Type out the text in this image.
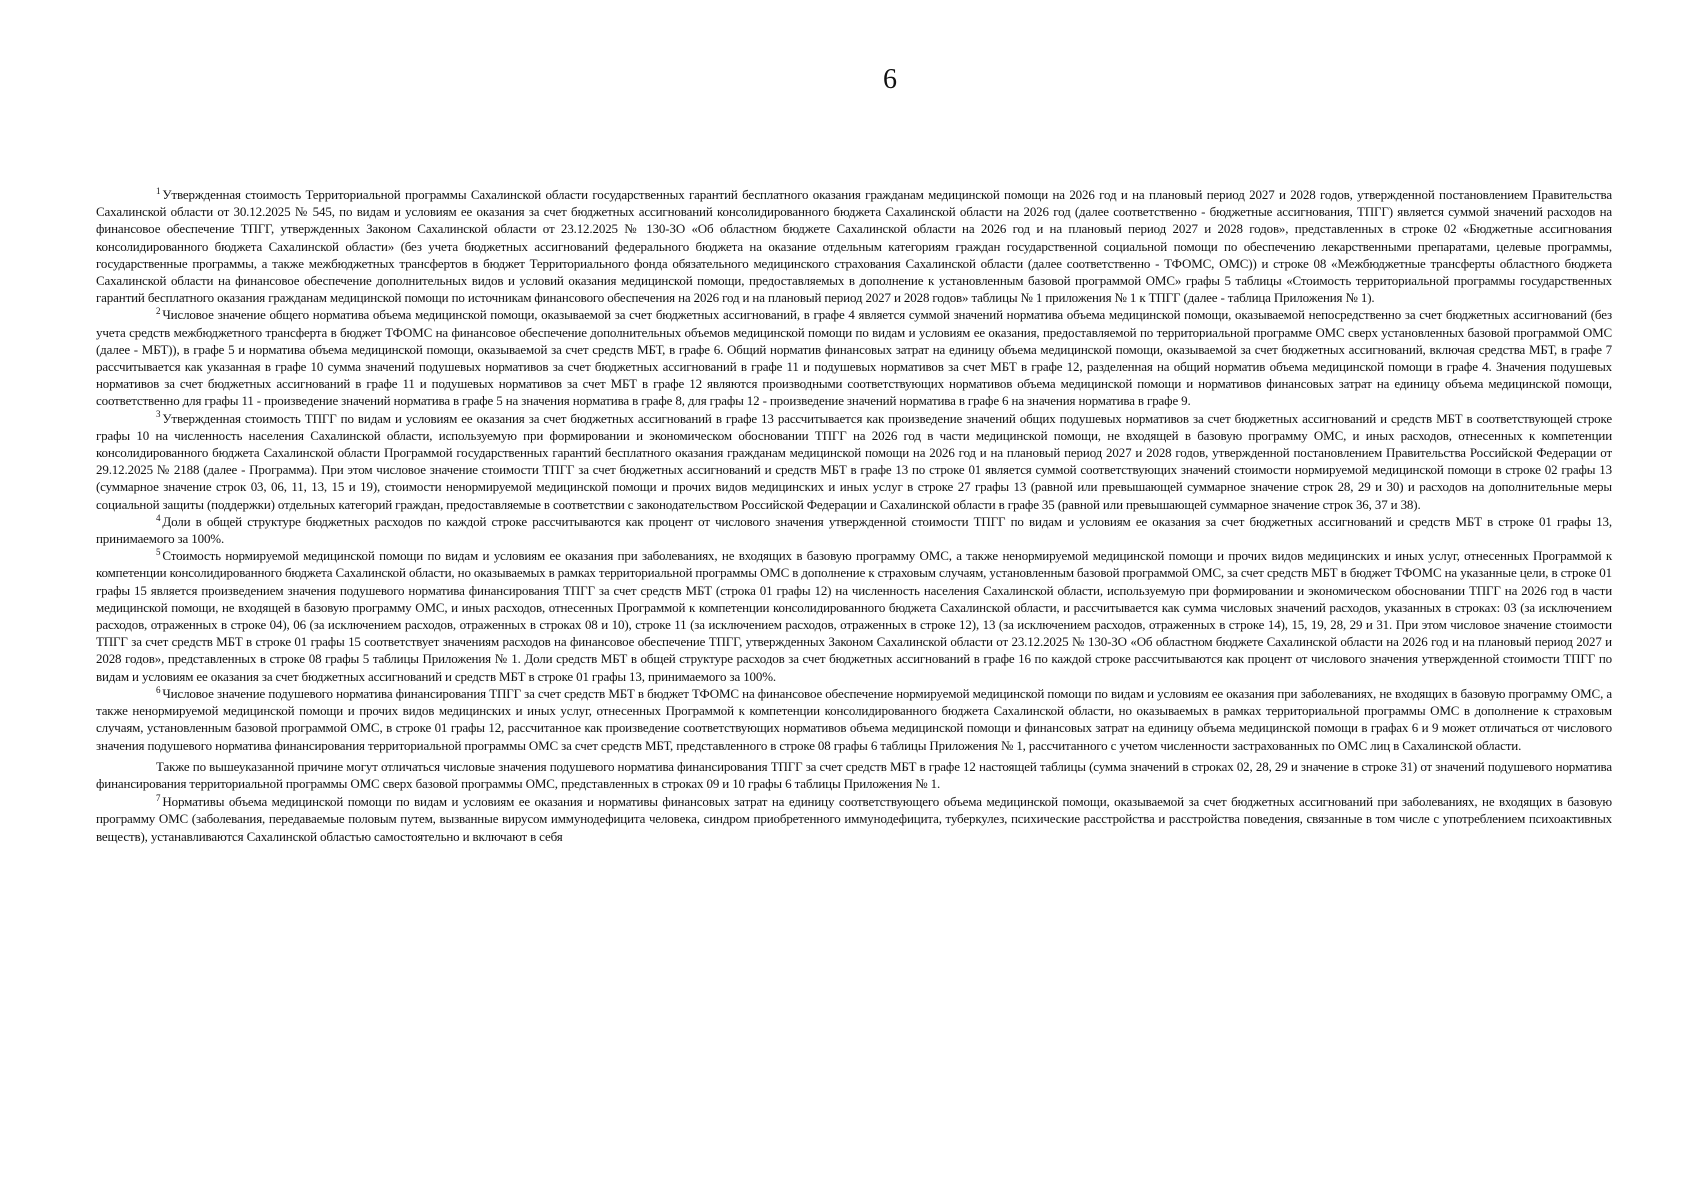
6

$^1$ Утвержденная стоимость Территориальной программы Сахалинской области государственных гарантий бесплатного оказания гражданам медицинской помощи на 2026 год и на плановый период 2027 и 2028 годов, утвержденной постановлением Правительства Сахалинской области от 30.12.2025 № 545, по видам и условиям ее оказания за счет бюджетных ассигнований консолидированного бюджета Сахалинской области на 2026 год (далее соответственно - бюджетные ассигнования, ТПГГ) является суммой значений расходов на финансовое обеспечение ТПГГ, утвержденных Законом Сахалинской области от 23.12.2025 № 130-ЗО «Об областном бюджете Сахалинской области на 2026 год и на плановый период 2027 и 2028 годов», представленных в строке 02 «Бюджетные ассигнования консолидированного бюджета Сахалинской области» (без учета бюджетных ассигнований федерального бюджета на оказание отдельным категориям граждан государственной социальной помощи по обеспечению лекарственными препаратами, целевые программы, государственные программы, а также межбюджетных трансфертов в бюджет Территориального фонда обязательного медицинского страхования Сахалинской области (далее соответственно - ТФОМС, ОМС)) и строке 08 «Межбюджетные трансферты областного бюджета Сахалинской области на финансовое обеспечение дополнительных видов и условий оказания медицинской помощи, предоставляемых в дополнение к установленным базовой программой ОМС» графы 5 таблицы «Стоимость территориальной программы государственных гарантий бесплатного оказания гражданам медицинской помощи по источникам финансового обеспечения на 2026 год и на плановый период 2027 и 2028 годов» таблицы № 1 приложения № 1 к ТПГГ (далее - таблица Приложения № 1).

$^2$ Числовое значение общего норматива объема медицинской помощи, оказываемой за счет бюджетных ассигнований, в графе 4 является суммой значений норматива объема медицинской помощи, оказываемой непосредственно за счет бюджетных ассигнований (без учета средств межбюджетного трансферта в бюджет ТФОМС на финансовое обеспечение дополнительных объемов медицинской помощи по видам и условиям ее оказания, предоставляемой по территориальной программе ОМС сверх установленных базовой программой ОМС (далее - МБТ)), в графе 5 и норматива объема медицинской помощи, оказываемой за счет средств МБТ, в графе 6. Общий норматив финансовых затрат на единицу объема медицинской помощи, оказываемой за счет бюджетных ассигнований, включая средства МБТ, в графе 7 рассчитывается как указанная в графе 10 сумма значений подушевых нормативов за счет бюджетных ассигнований в графе 11 и подушевых нормативов за счет МБТ в графе 12, разделенная на общий норматив объема медицинской помощи в графе 4. Значения подушевых нормативов за счет бюджетных ассигнований в графе 11 и подушевых нормативов за счет МБТ в графе 12 являются производными соответствующих нормативов объема медицинской помощи и нормативов финансовых затрат на единицу объема медицинской помощи, соответственно для графы 11 - произведение значений норматива в графе 5 на значения норматива в графе 8, для графы 12 - произведение значений норматива в графе 6 на значения норматива в графе 9.

$^3$ Утвержденная стоимость ТПГГ по видам и условиям ее оказания за счет бюджетных ассигнований в графе 13 рассчитывается как произведение значений общих подушевых нормативов за счет бюджетных ассигнований и средств МБТ в соответствующей строке графы 10 на численность населения Сахалинской области, используемую при формировании и экономическом обосновании ТПГГ на 2026 год в части медицинской помощи, не входящей в базовую программу ОМС, и иных расходов, отнесенных к компетенции консолидированного бюджета Сахалинской области Программой государственных гарантий бесплатного оказания гражданам медицинской помощи на 2026 год и на плановый период 2027 и 2028 годов, утвержденной постановлением Правительства Российской Федерации от 29.12.2025 № 2188 (далее - Программа). При этом числовое значение стоимости ТПГГ за счет бюджетных ассигнований и средств МБТ в графе 13 по строке 01 является суммой соответствующих значений стоимости нормируемой медицинской помощи в строке 02 графы 13 (суммарное значение строк 03, 06, 11, 13, 15 и 19), стоимости ненормируемой медицинской помощи и прочих видов медицинских и иных услуг в строке 27 графы 13 (равной или превышающей суммарное значение строк 28, 29 и 30) и расходов на дополнительные меры социальной защиты (поддержки) отдельных категорий граждан, предоставляемые в соответствии с законодательством Российской Федерации и Сахалинской области в графе 35 (равной или превышающей суммарное значение строк 36, 37 и 38).

$^4$ Доли в общей структуре бюджетных расходов по каждой строке рассчитываются как процент от числового значения утвержденной стоимости ТПГГ по видам и условиям ее оказания за счет бюджетных ассигнований и средств МБТ в строке 01 графы 13, принимаемого за 100%.

$^5$ Стоимость нормируемой медицинской помощи по видам и условиям ее оказания при заболеваниях, не входящих в базовую программу ОМС, а также ненормируемой медицинской помощи и прочих видов медицинских и иных услуг, отнесенных Программой к компетенции консолидированного бюджета Сахалинской области, но оказываемых в рамках территориальной программы ОМС в дополнение к страховым случаям, установленным базовой программой ОМС, за счет средств МБТ в бюджет ТФОМС на указанные цели, в строке 01 графы 15 является произведением значения подушевого норматива финансирования ТПГГ за счет средств МБТ (строка 01 графы 12) на численность населения Сахалинской области, используемую при формировании и экономическом обосновании ТПГГ на 2026 год в части медицинской помощи, не входящей в базовую программу ОМС, и иных расходов, отнесенных Программой к компетенции консолидированного бюджета Сахалинской области, и рассчитывается как сумма числовых значений расходов, указанных в строках: 03 (за исключением расходов, отраженных в строке 04), 06 (за исключением расходов, отраженных в строках 08 и 10), строке 11 (за исключением расходов, отраженных в строке 12), 13 (за исключением расходов, отраженных в строке 14), 15, 19, 28, 29 и 31. При этом числовое значение стоимости ТПГГ за счет средств МБТ в строке 01 графы 15 соответствует значениям расходов на финансовое обеспечение ТПГГ, утвержденных Законом Сахалинской области от 23.12.2025 № 130-ЗО «Об областном бюджете Сахалинской области на 2026 год и на плановый период 2027 и 2028 годов», представленных в строке 08 графы 5 таблицы Приложения № 1. Доли средств МБТ в общей структуре расходов за счет бюджетных ассигнований в графе 16 по каждой строке рассчитываются как процент от числового значения утвержденной стоимости ТПГГ по видам и условиям ее оказания за счет бюджетных ассигнований и средств МБТ в строке 01 графы 13, принимаемого за 100%.

$^6$ Числовое значение подушевого норматива финансирования ТПГГ за счет средств МБТ в бюджет ТФОМС на финансовое обеспечение нормируемой медицинской помощи по видам и условиям ее оказания при заболеваниях, не входящих в базовую программу ОМС, а также ненормируемой медицинской помощи и прочих видов медицинских и иных услуг, отнесенных Программой к компетенции консолидированного бюджета Сахалинской области, но оказываемых в рамках территориальной программы ОМС в дополнение к страховым случаям, установленным базовой программой ОМС, в строке 01 графы 12, рассчитанное как произведение соответствующих нормативов объема медицинской помощи и финансовых затрат на единицу объема медицинской помощи в графах 6 и 9 может отличаться от числового значения подушевого норматива финансирования территориальной программы ОМС за счет средств МБТ, представленного в строке 08 графы 6 таблицы Приложения № 1, рассчитанного с учетом численности застрахованных по ОМС лиц в Сахалинской области.

Также по вышеуказанной причине могут отличаться числовые значения подушевого норматива финансирования ТПГГ за счет средств МБТ в графе 12 настоящей таблицы (сумма значений в строках 02, 28, 29 и значение в строке 31) от значений подушевого норматива финансирования территориальной программы ОМС сверх базовой программы ОМС, представленных в строках 09 и 10 графы 6 таблицы Приложения № 1.

$^7$ Нормативы объема медицинской помощи по видам и условиям ее оказания и нормативы финансовых затрат на единицу соответствующего объема медицинской помощи, оказываемой за счет бюджетных ассигнований при заболеваниях, не входящих в базовую программу ОМС (заболевания, передаваемые половым путем, вызванные вирусом иммунодефицита человека, синдром приобретенного иммунодефицита, туберкулез, психические расстройства и расстройства поведения, связанные в том числе с употреблением психоактивных веществ), устанавливаются Сахалинской областью самостоятельно и включают в себя
